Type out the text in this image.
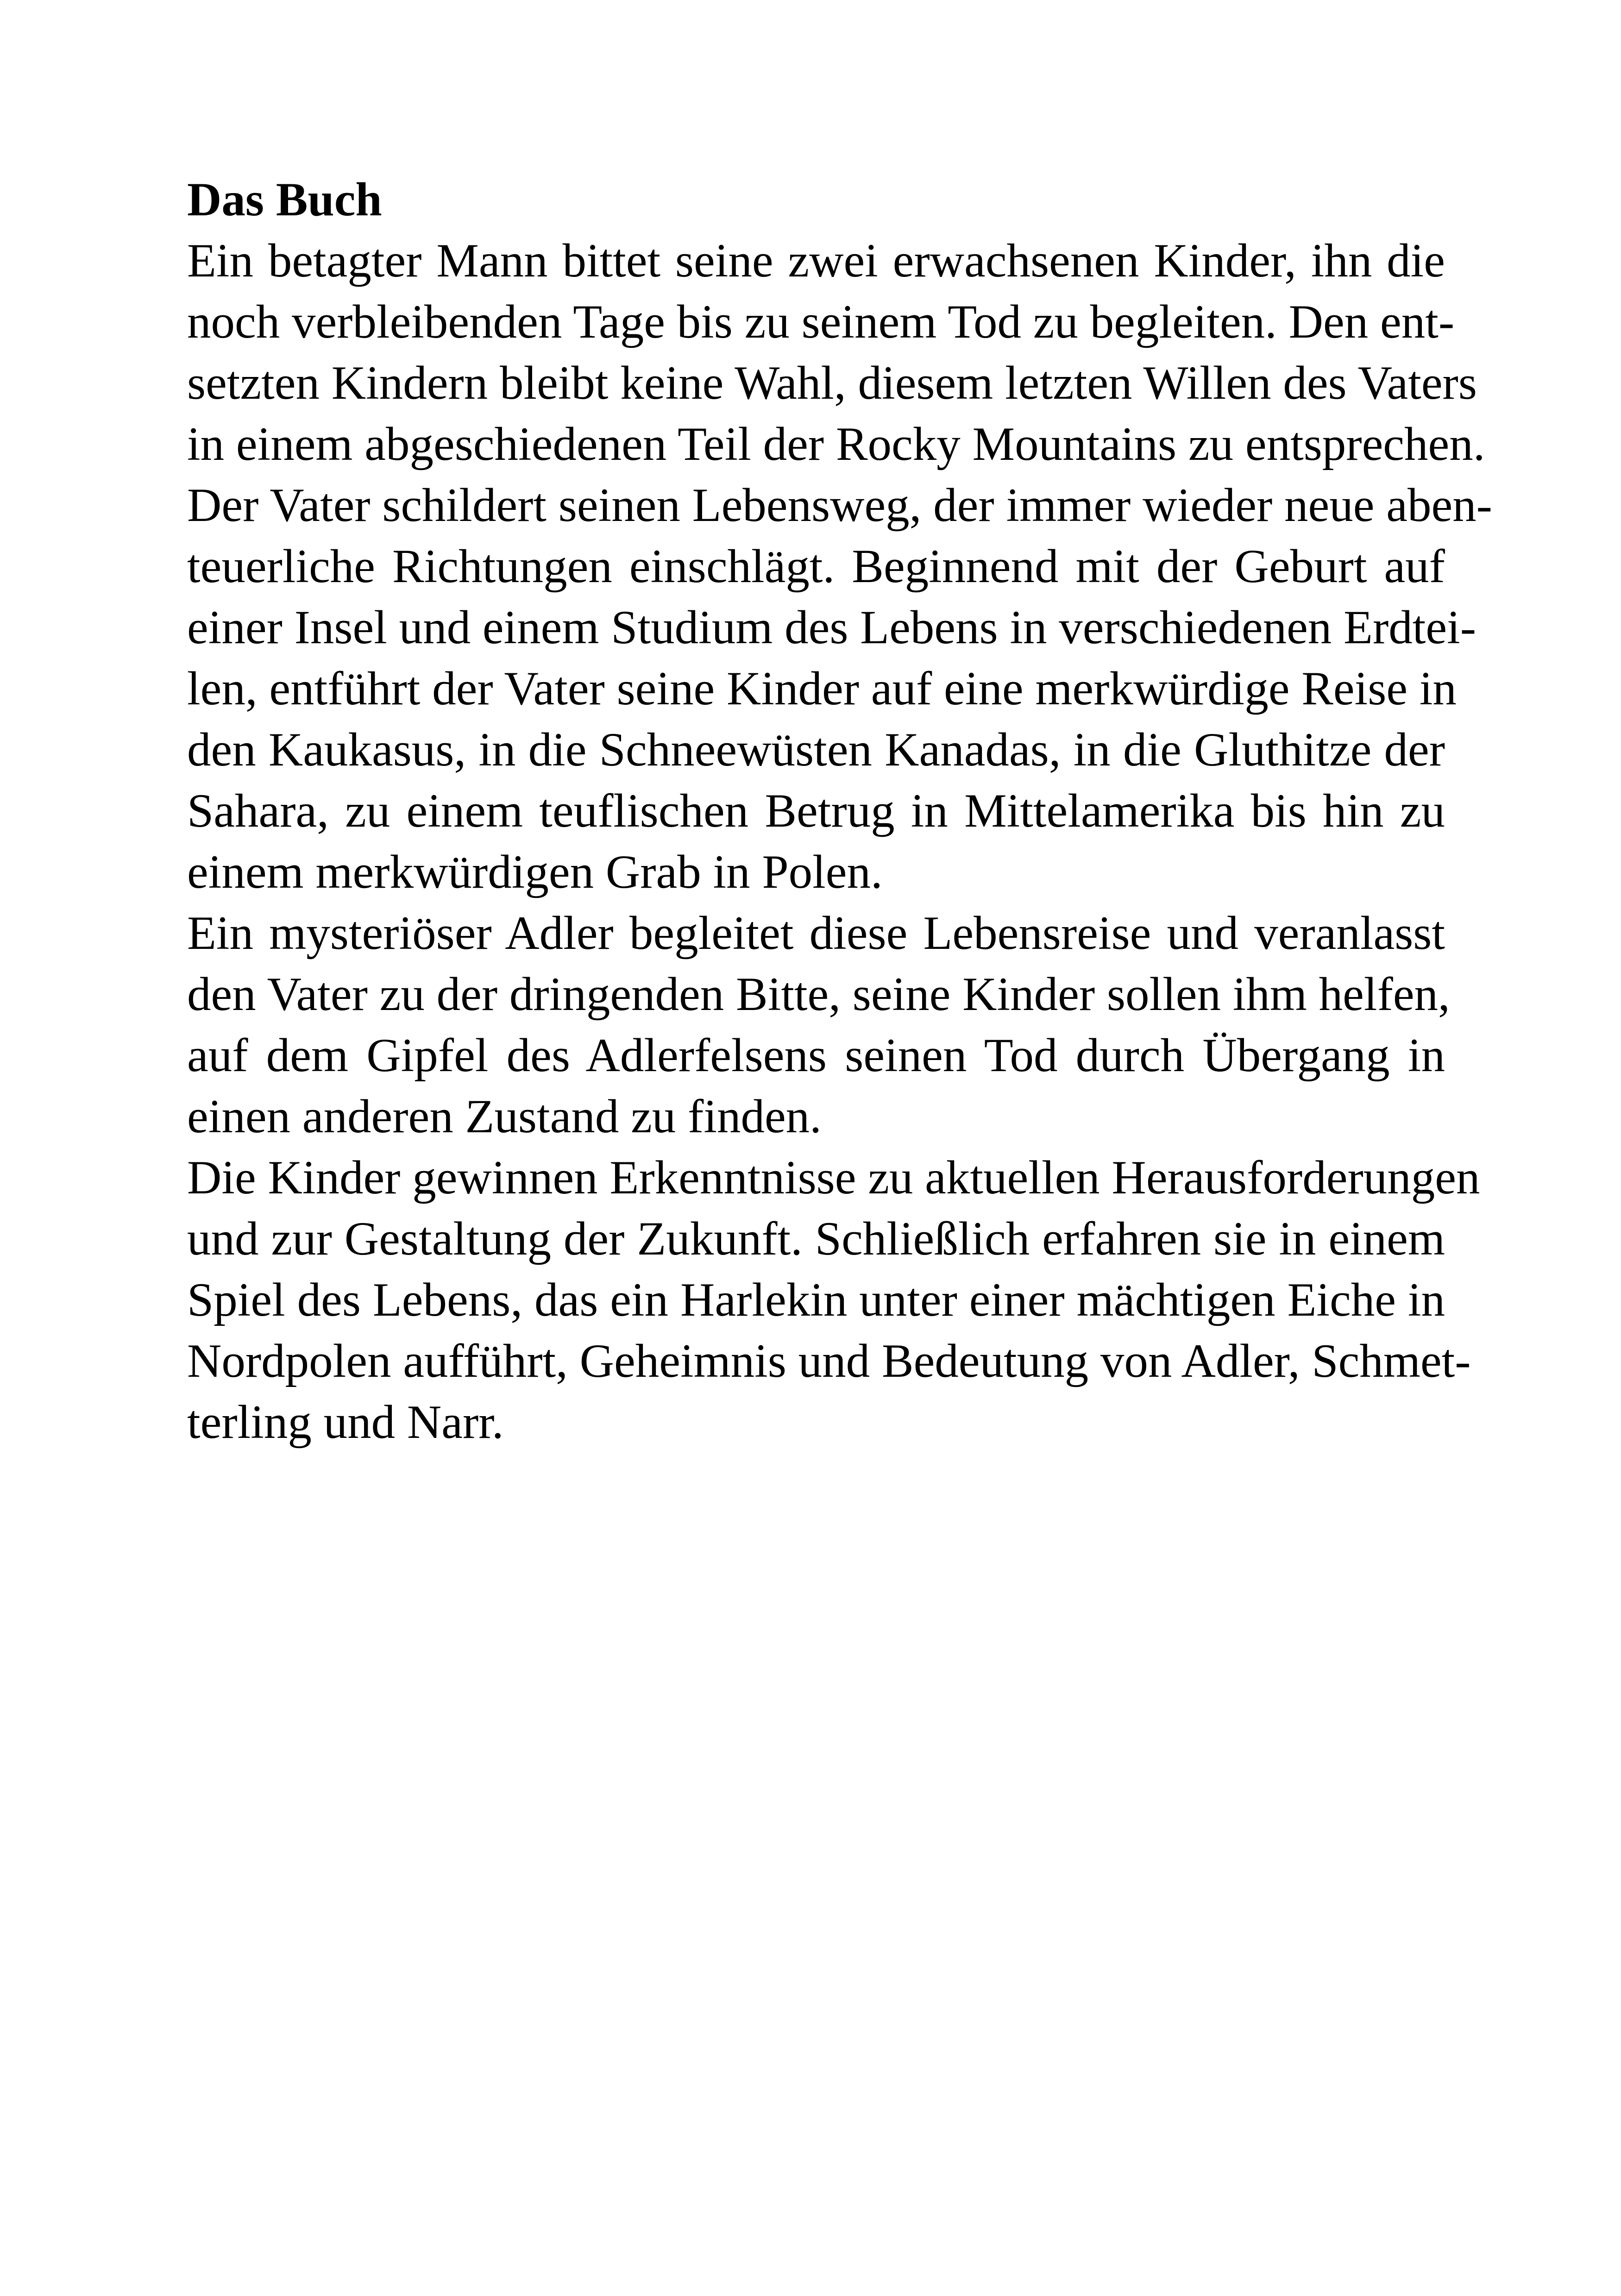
Das Buch
Ein betagter Mann bittet seine zwei erwachsenen Kinder, ihn die
noch verbleibenden Tage bis zu seinem Tod zu begleiten. Den ent-
setzten Kindern bleibt keine Wahl, diesem letzten Willen des Vaters
in einem abgeschiedenen Teil der Rocky Mountains zu entsprechen.
Der Vater schildert seinen Lebensweg, der immer wieder neue aben-
teuerliche Richtungen einschlägt. Beginnend mit der Geburt auf
einer Insel und einem Studium des Lebens in verschiedenen Erdtei-
len, entführt der Vater seine Kinder auf eine merkwürdige Reise in
den Kaukasus, in die Schneewüsten Kanadas, in die Gluthitze der
Sahara, zu einem teuflischen Betrug in Mittelamerika bis hin zu
einem merkwürdigen Grab in Polen.
Ein mysteriöser Adler begleitet diese Lebensreise und veranlasst
den Vater zu der dringenden Bitte, seine Kinder sollen ihm helfen,
auf dem Gipfel des Adlerfelsens seinen Tod durch Übergang in
einen anderen Zustand zu finden.
Die Kinder gewinnen Erkenntnisse zu aktuellen Herausforderungen
und zur Gestaltung der Zukunft. Schließlich erfahren sie in einem
Spiel des Lebens, das ein Harlekin unter einer mächtigen Eiche in
Nordpolen aufführt, Geheimnis und Bedeutung von Adler, Schmet-
terling und Narr.
